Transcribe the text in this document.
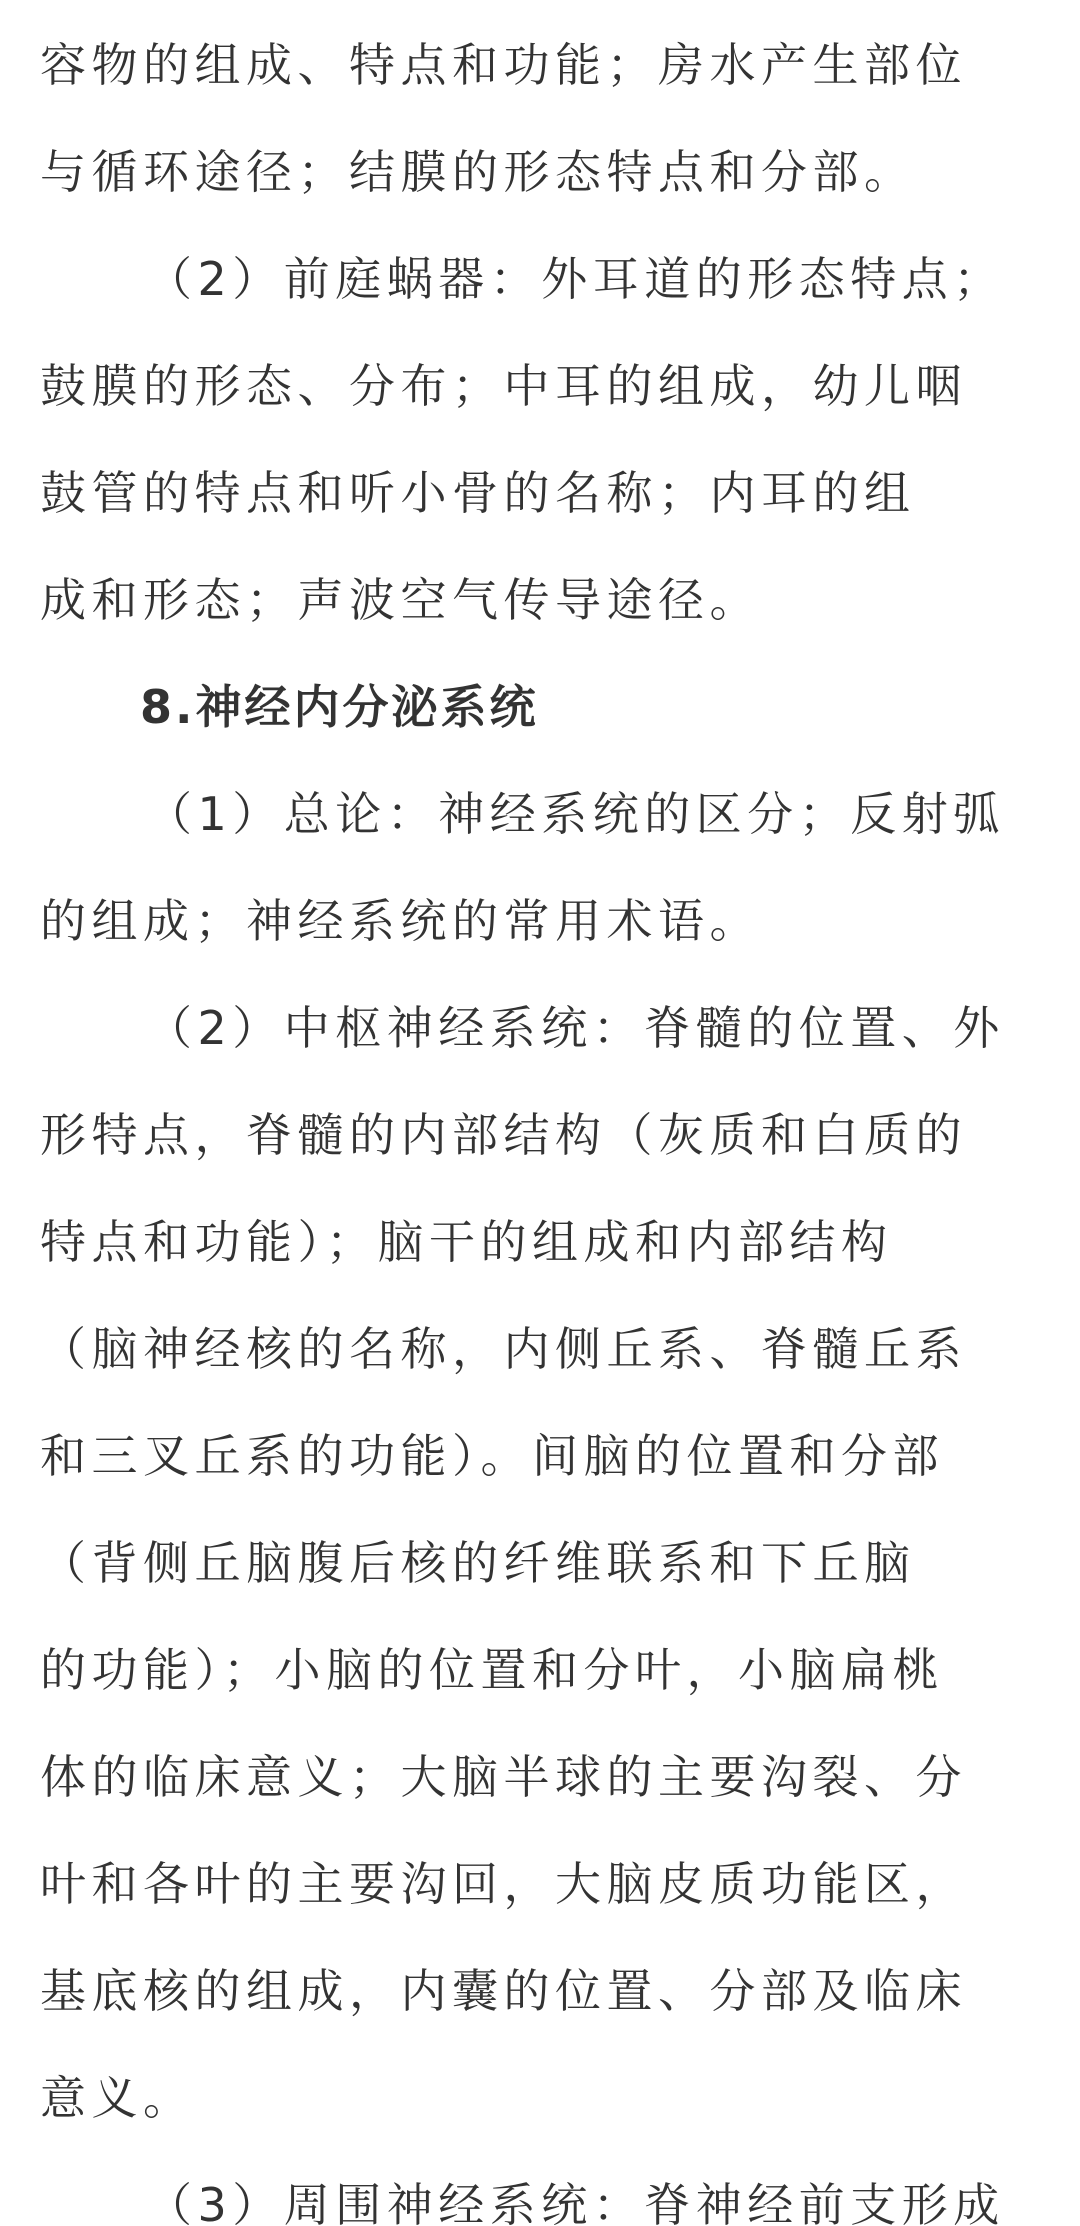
容物的组成、特点和功能；房水产生部位
与循环途径；结膜的形态特点和分部。
（2）前庭蜗器：外耳道的形态特点；
鼓膜的形态、分布；中耳的组成，幼儿咽
鼓管的特点和听小骨的名称；内耳的组
成和形态；声波空气传导途径。
8.神经内分泌系统
（1）总论：神经系统的区分；反射弧
的组成；神经系统的常用术语。
（2）中枢神经系统：脊髓的位置、外
形特点，脊髓的内部结构（灰质和白质的
特点和功能）；脑干的组成和内部结构
（脑神经核的名称，内侧丘系、脊髓丘系
和三叉丘系的功能）。间脑的位置和分部
（背侧丘脑腹后核的纤维联系和下丘脑
的功能）；小脑的位置和分叶，小脑扁桃
体的临床意义；大脑半球的主要沟裂、分
叶和各叶的主要沟回，大脑皮质功能区，
基底核的组成，内囊的位置、分部及临床
意义。
（3）周围神经系统：脊神经前支形成
